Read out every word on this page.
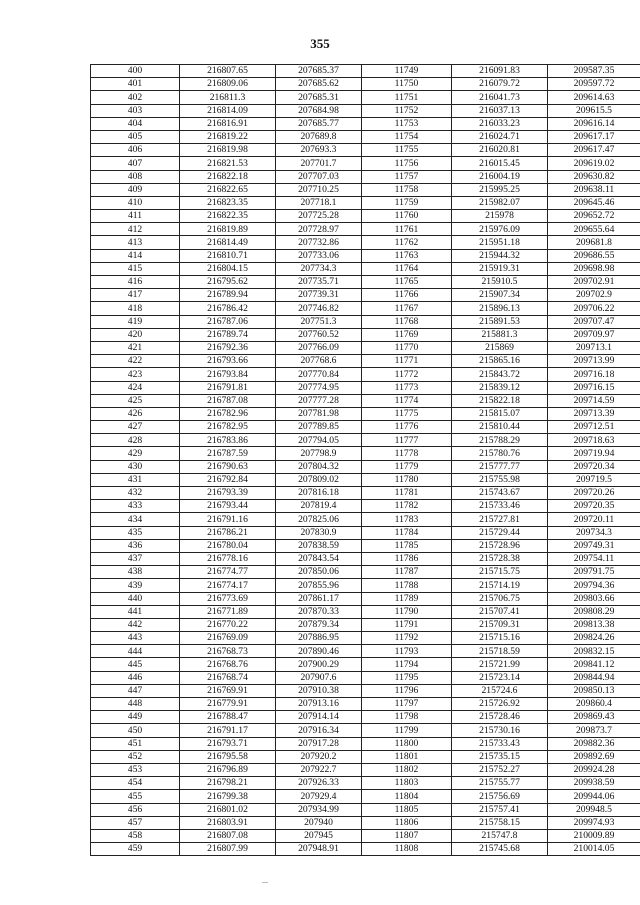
355
400	216807.65	207685.37	11749	216091.83	209587.35
401	216809.06	207685.62	11750	216079.72	209597.72
402	216811.3	207685.31	11751	216041.73	209614.63
403	216814.09	207684.98	11752	216037.13	209615.5
404	216816.91	207685.77	11753	216033.23	209616.14
405	216819.22	207689.8	11754	216024.71	209617.17
406	216819.98	207693.3	11755	216020.81	209617.47
407	216821.53	207701.7	11756	216015.45	209619.02
408	216822.18	207707.03	11757	216004.19	209630.82
409	216822.65	207710.25	11758	215995.25	209638.11
410	216823.35	207718.1	11759	215982.07	209645.46
411	216822.35	207725.28	11760	215978	209652.72
412	216819.89	207728.97	11761	215976.09	209655.64
413	216814.49	207732.86	11762	215951.18	209681.8
414	216810.71	207733.06	11763	215944.32	209686.55
415	216804.15	207734.3	11764	215919.31	209698.98
416	216795.62	207735.71	11765	215910.5	209702.91
417	216789.94	207739.31	11766	215907.34	209702.9
418	216786.42	207746.82	11767	215896.13	209706.22
419	216787.06	207751.3	11768	215891.53	209707.47
420	216789.74	207760.52	11769	215881.3	209709.97
421	216792.36	207766.09	11770	215869	209713.1
422	216793.66	207768.6	11771	215865.16	209713.99
423	216793.84	207770.84	11772	215843.72	209716.18
424	216791.81	207774.95	11773	215839.12	209716.15
425	216787.08	207777.28	11774	215822.18	209714.59
426	216782.96	207781.98	11775	215815.07	209713.39
427	216782.95	207789.85	11776	215810.44	209712.51
428	216783.86	207794.05	11777	215788.29	209718.63
429	216787.59	207798.9	11778	215780.76	209719.94
430	216790.63	207804.32	11779	215777.77	209720.34
431	216792.84	207809.02	11780	215755.98	209719.5
432	216793.39	207816.18	11781	215743.67	209720.26
433	216793.44	207819.4	11782	215733.46	209720.35
434	216791.16	207825.06	11783	215727.81	209720.11
435	216786.21	207830.9	11784	215729.44	209734.3
436	216780.04	207838.59	11785	215728.96	209749.31
437	216778.16	207843.54	11786	215728.38	209754.11
438	216774.77	207850.06	11787	215715.75	209791.75
439	216774.17	207855.96	11788	215714.19	209794.36
440	216773.69	207861.17	11789	215706.75	209803.66
441	216771.89	207870.33	11790	215707.41	209808.29
442	216770.22	207879.34	11791	215709.31	209813.38
443	216769.09	207886.95	11792	215715.16	209824.26
444	216768.73	207890.46	11793	215718.59	209832.15
445	216768.76	207900.29	11794	215721.99	209841.12
446	216768.74	207907.6	11795	215723.14	209844.94
447	216769.91	207910.38	11796	215724.6	209850.13
448	216779.91	207913.16	11797	215726.92	209860.4
449	216788.47	207914.14	11798	215728.46	209869.43
450	216791.17	207916.34	11799	215730.16	209873.7
451	216793.71	207917.28	11800	215733.43	209882.36
452	216795.58	207920.2	11801	215735.15	209892.69
453	216796.89	207922.7	11802	215752.27	209924.28
454	216798.21	207926.33	11803	215755.77	209938.59
455	216799.38	207929.4	11804	215756.69	209944.06
456	216801.02	207934.99	11805	215757.41	209948.5
457	216803.91	207940	11806	215758.15	209974.93
458	216807.08	207945	11807	215747.8	210009.89
459	216807.99	207948.91	11808	215745.68	210014.05
